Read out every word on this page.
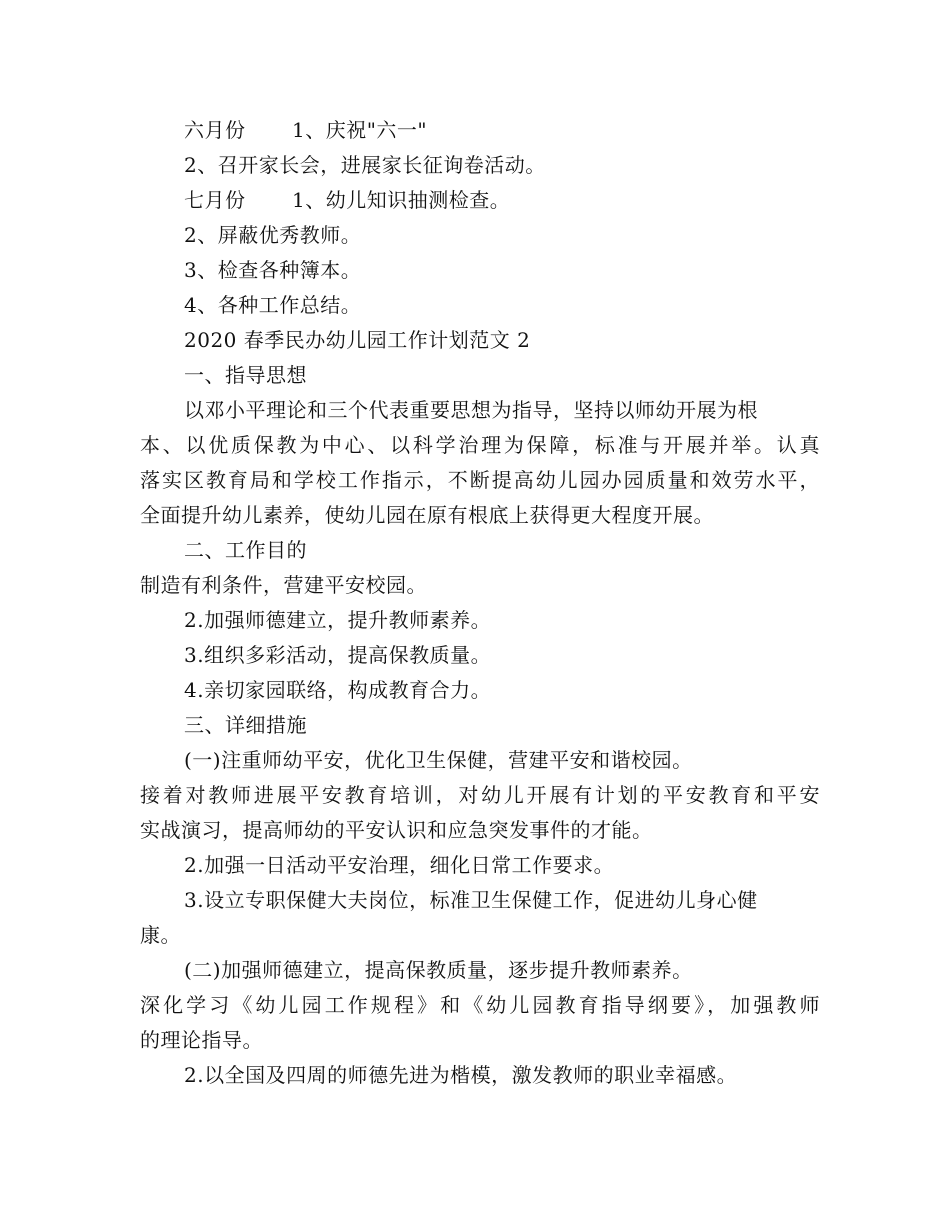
六月份 1、庆祝"六一"
2、召开家长会，进展家长征询卷活动。
七月份 1、幼儿知识抽测检查。
2、屏蔽优秀教师。
3、检查各种簿本。
4、各种工作总结。
2020 春季民办幼儿园工作计划范文 2
一、指导思想
以邓小平理论和三个代表重要思想为指导，坚持以师幼开展为根
本、以优质保教为中心、以科学治理为保障，标准与开展并举。认真
落实区教育局和学校工作指示，不断提高幼儿园办园质量和效劳水平，
全面提升幼儿素养，使幼儿园在原有根底上获得更大程度开展。
二、工作目的
制造有利条件，营建平安校园。
2.加强师德建立，提升教师素养。
3.组织多彩活动，提高保教质量。
4.亲切家园联络，构成教育合力。
三、详细措施
(一)注重师幼平安，优化卫生保健，营建平安和谐校园。
接着对教师进展平安教育培训，对幼儿开展有计划的平安教育和平安
实战演习，提高师幼的平安认识和应急突发事件的才能。
2.加强一日活动平安治理，细化日常工作要求。
3.设立专职保健大夫岗位，标准卫生保健工作，促进幼儿身心健
康。
(二)加强师德建立，提高保教质量，逐步提升教师素养。
深化学习《幼儿园工作规程》和《幼儿园教育指导纲要》，加强教师
的理论指导。
2.以全国及四周的师德先进为楷模，激发教师的职业幸福感。
